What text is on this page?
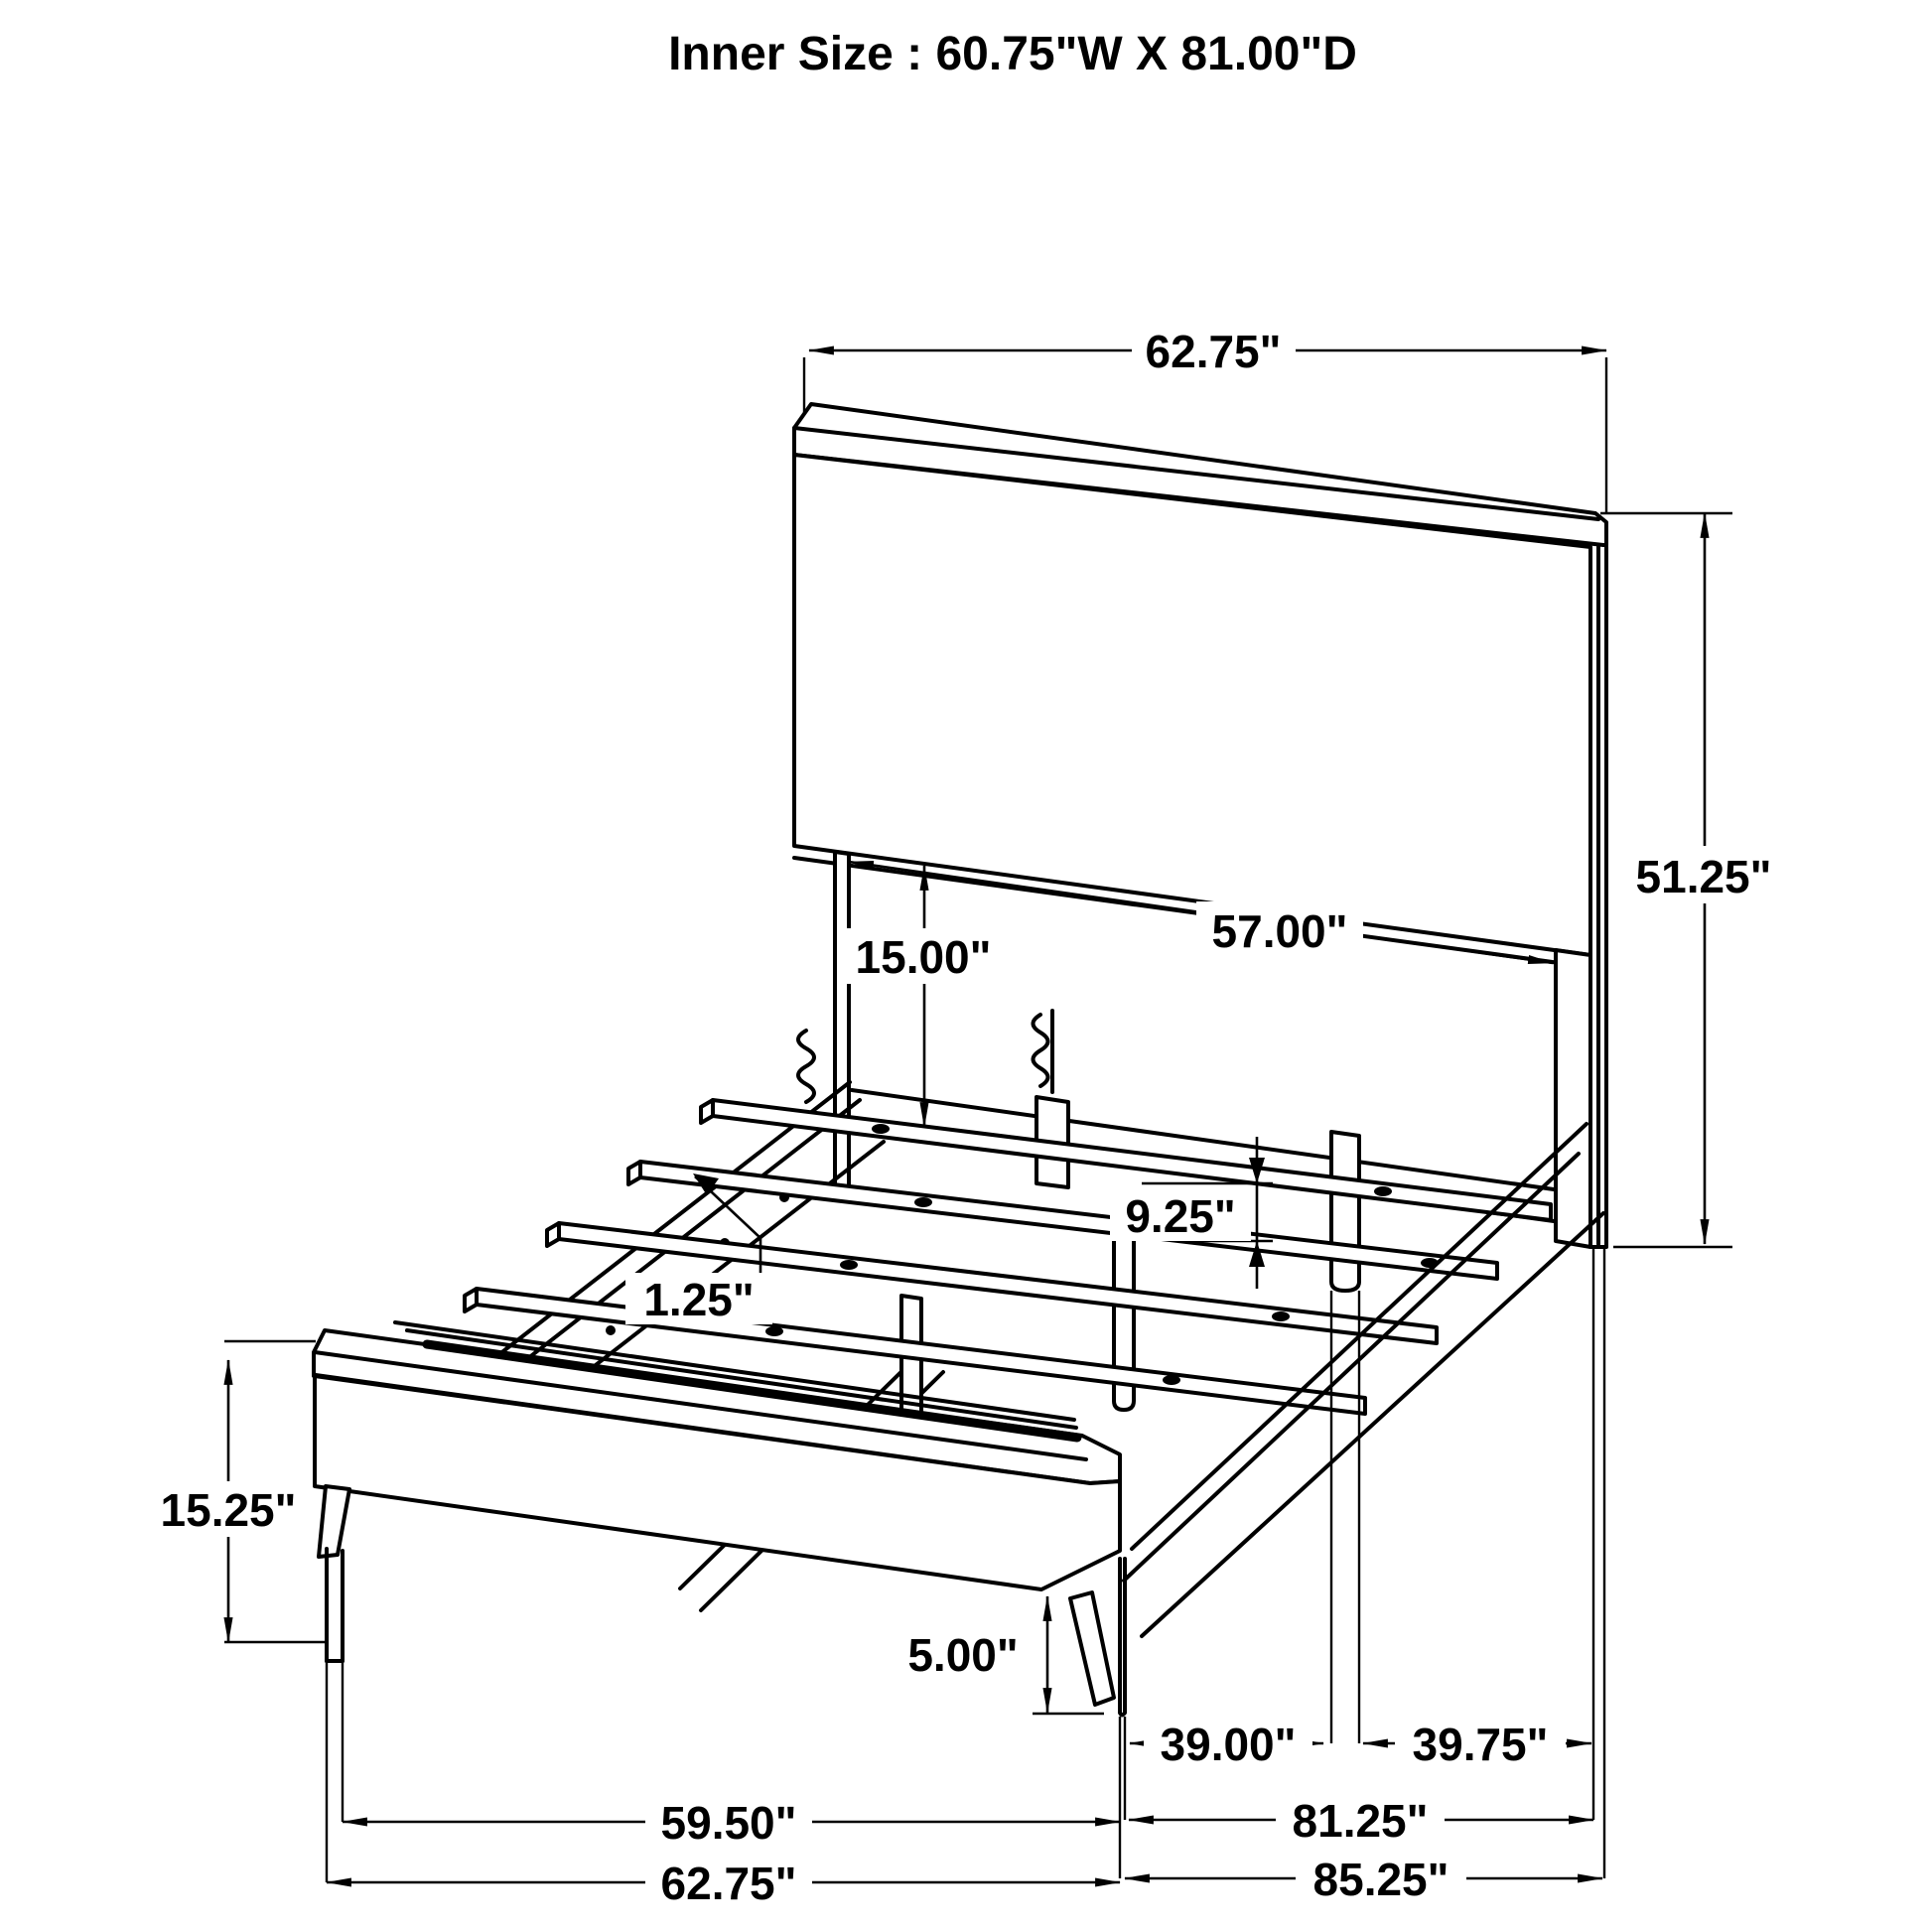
Inner Size : 60.75"W X 81.00"D
62.75"
51.25"
57.00"
15.00"
1.25"
9.25"
15.25"
5.00"
39.00"	39.75"
81.25"
59.50"
85.25"
62.75"
